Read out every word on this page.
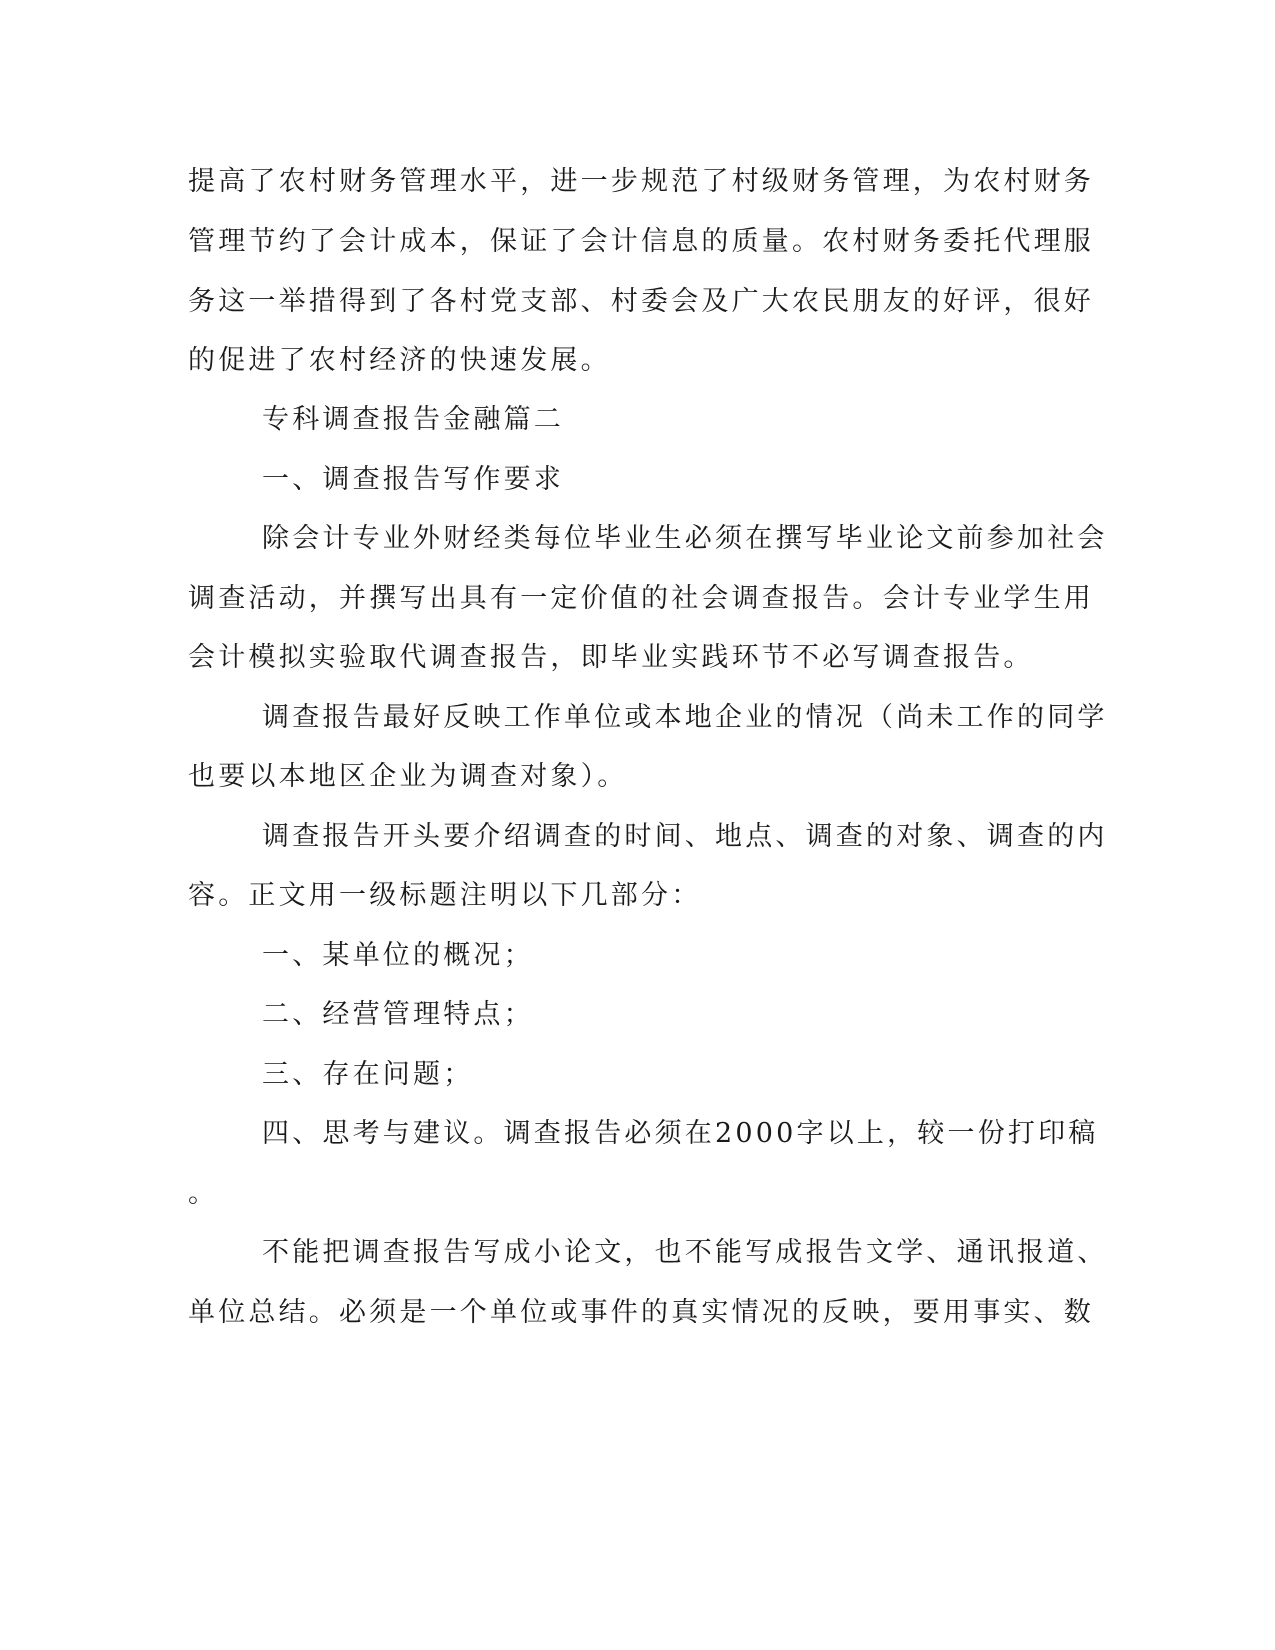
提高了农村财务管理水平，进一步规范了村级财务管理，为农村财务
管理节约了会计成本，保证了会计信息的质量。农村财务委托代理服
务这一举措得到了各村党支部、村委会及广大农民朋友的好评，很好
的促进了农村经济的快速发展。
专科调查报告金融篇二
一、调查报告写作要求
除会计专业外财经类每位毕业生必须在撰写毕业论文前参加社会
调查活动，并撰写出具有一定价值的社会调查报告。会计专业学生用
会计模拟实验取代调查报告，即毕业实践环节不必写调查报告。
调查报告最好反映工作单位或本地企业的情况（尚未工作的同学
也要以本地区企业为调查对象）。
调查报告开头要介绍调查的时间、地点、调查的对象、调查的内
容。正文用一级标题注明以下几部分：
一、某单位的概况；
二、经营管理特点；
三、存在问题；
四、思考与建议。调查报告必须在2000字以上，较一份打印稿
。
不能把调查报告写成小论文，也不能写成报告文学、通讯报道、
单位总结。必须是一个单位或事件的真实情况的反映，要用事实、数
